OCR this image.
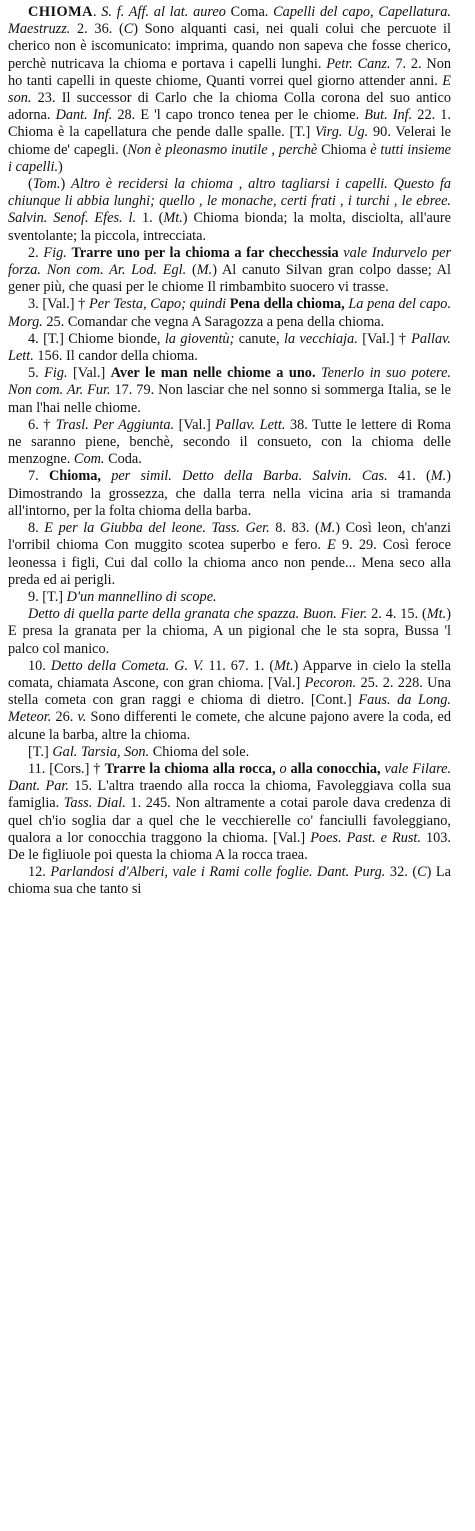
CHIOMA. S. f. Aff. al lat. aureo Coma. Capelli del capo, Capellatura. Maestruzz. 2. 36. (C) Sono alquanti casi, nei quali colui che percuote il cherico non è iscomunicato: imprima, quando non sapeva che fosse cherico, perchè nutricava la chioma e portava i capelli lunghi. Petr. Canz. 7. 2. Non ho tanti capelli in queste chiome, Quanti vorrei quel giorno attender anni. E son. 23. Il successor di Carlo che la chioma Colla corona del suo antico adorna. Dant. Inf. 28. E 'l capo tronco tenea per le chiome. But. Inf. 22. 1. Chioma è la capellatura che pende dalle spalle. [T.] Virg. Ug. 90. Velerai le chiome de' capegli. (Non è pleonasmo inutile , perchè Chioma è tutti insieme i capelli.)

(Tom.) Altro è recidersi la chioma , altro tagliarsi i capelli. Questo fa chiunque li abbia lunghi; quello , le monache, certi frati , i turchi , le ebree. Salvin. Senof. Efes. l. 1. (Mt.) Chioma bionda; la molta, disciolta, all'aure sventolante; la piccola, intrecciata.

2. Fig. Trarre uno per la chioma a far checchessia vale Indurvelo per forza. Non com. Ar. Lod. Egl. (M.) Al canuto Silvan gran colpo dasse; Al gener più, che quasi per le chiome Il rimbambito suocero vi trasse.

3. [Val.] † Per Testa, Capo; quindi Pena della chioma, La pena del capo. Morg. 25. Comandar che vegna A Saragozza a pena della chioma.

4. [T.] Chiome bionde, la gioventù; canute, la vecchiaja. [Val.] † Pallav. Lett. 156. Il candor della chioma.

5. Fig. [Val.] Aver le man nelle chiome a uno. Tenerlo in suo potere. Non com. Ar. Fur. 17. 79. Non lasciar che nel sonno si sommerga Italia, se le man l'hai nelle chiome.

6. † Trasl. Per Aggiunta. [Val.] Pallav. Lett. 38. Tutte le lettere di Roma ne saranno piene, benchè, secondo il consueto, con la chioma delle menzogne. Com. Coda.

7. Chioma, per simil. Detto della Barba. Salvin. Cas. 41. (M.) Dimostrando la grossezza, che dalla terra nella vicina aria si tramanda all'intorno, per la folta chioma della barba.

8. E per la Giubba del leone. Tass. Ger. 8. 83. (M.) Così leon, ch'anzi l'orribil chioma Con muggito scotea superbo e fero. E 9. 29. Così feroce leonessa i figli, Cui dal collo la chioma anco non pende... Mena seco alla preda ed ai perigli.

9. [T.] D'un mannellino di scope.

Detto di quella parte della granata che spazza. Buon. Fier. 2. 4. 15. (Mt.) E presa la granata per la chioma, A un pigional che le sta sopra, Bussa 'l palco col manico.

10. Detto della Cometa. G. V. 11. 67. 1. (Mt.) Apparve in cielo la stella comata, chiamata Ascone, con gran chioma. [Val.] Pecoron. 25. 2. 228. Una stella cometa con gran raggi e chioma di dietro. [Cont.] Faus. da Long. Meteor. 26. v. Sono differenti le comete, che alcune pajono avere la coda, ed alcune la barba, altre la chioma.

[T.] Gal. Tarsia, Son. Chioma del sole.

11. [Cors.] † Trarre la chioma alla rocca, o alla conocchia, vale Filare. Dant. Par. 15. L'altra traendo alla rocca la chioma, Favoleggiava colla sua famiglia. Tass. Dial. 1. 245. Non altramente a cotai parole dava credenza di quel ch'io soglia dar a quel che le vecchierelle co' fanciulli favoleggiano, qualora a lor conocchia traggono la chioma. [Val.] Poes. Past. e Rust. 103. De le figliuole poi questa la chioma A la rocca traea.

12. Parlandosi d'Alberi, vale i Rami colle foglie. Dant. Purg. 32. (C) La chioma sua che tanto si
